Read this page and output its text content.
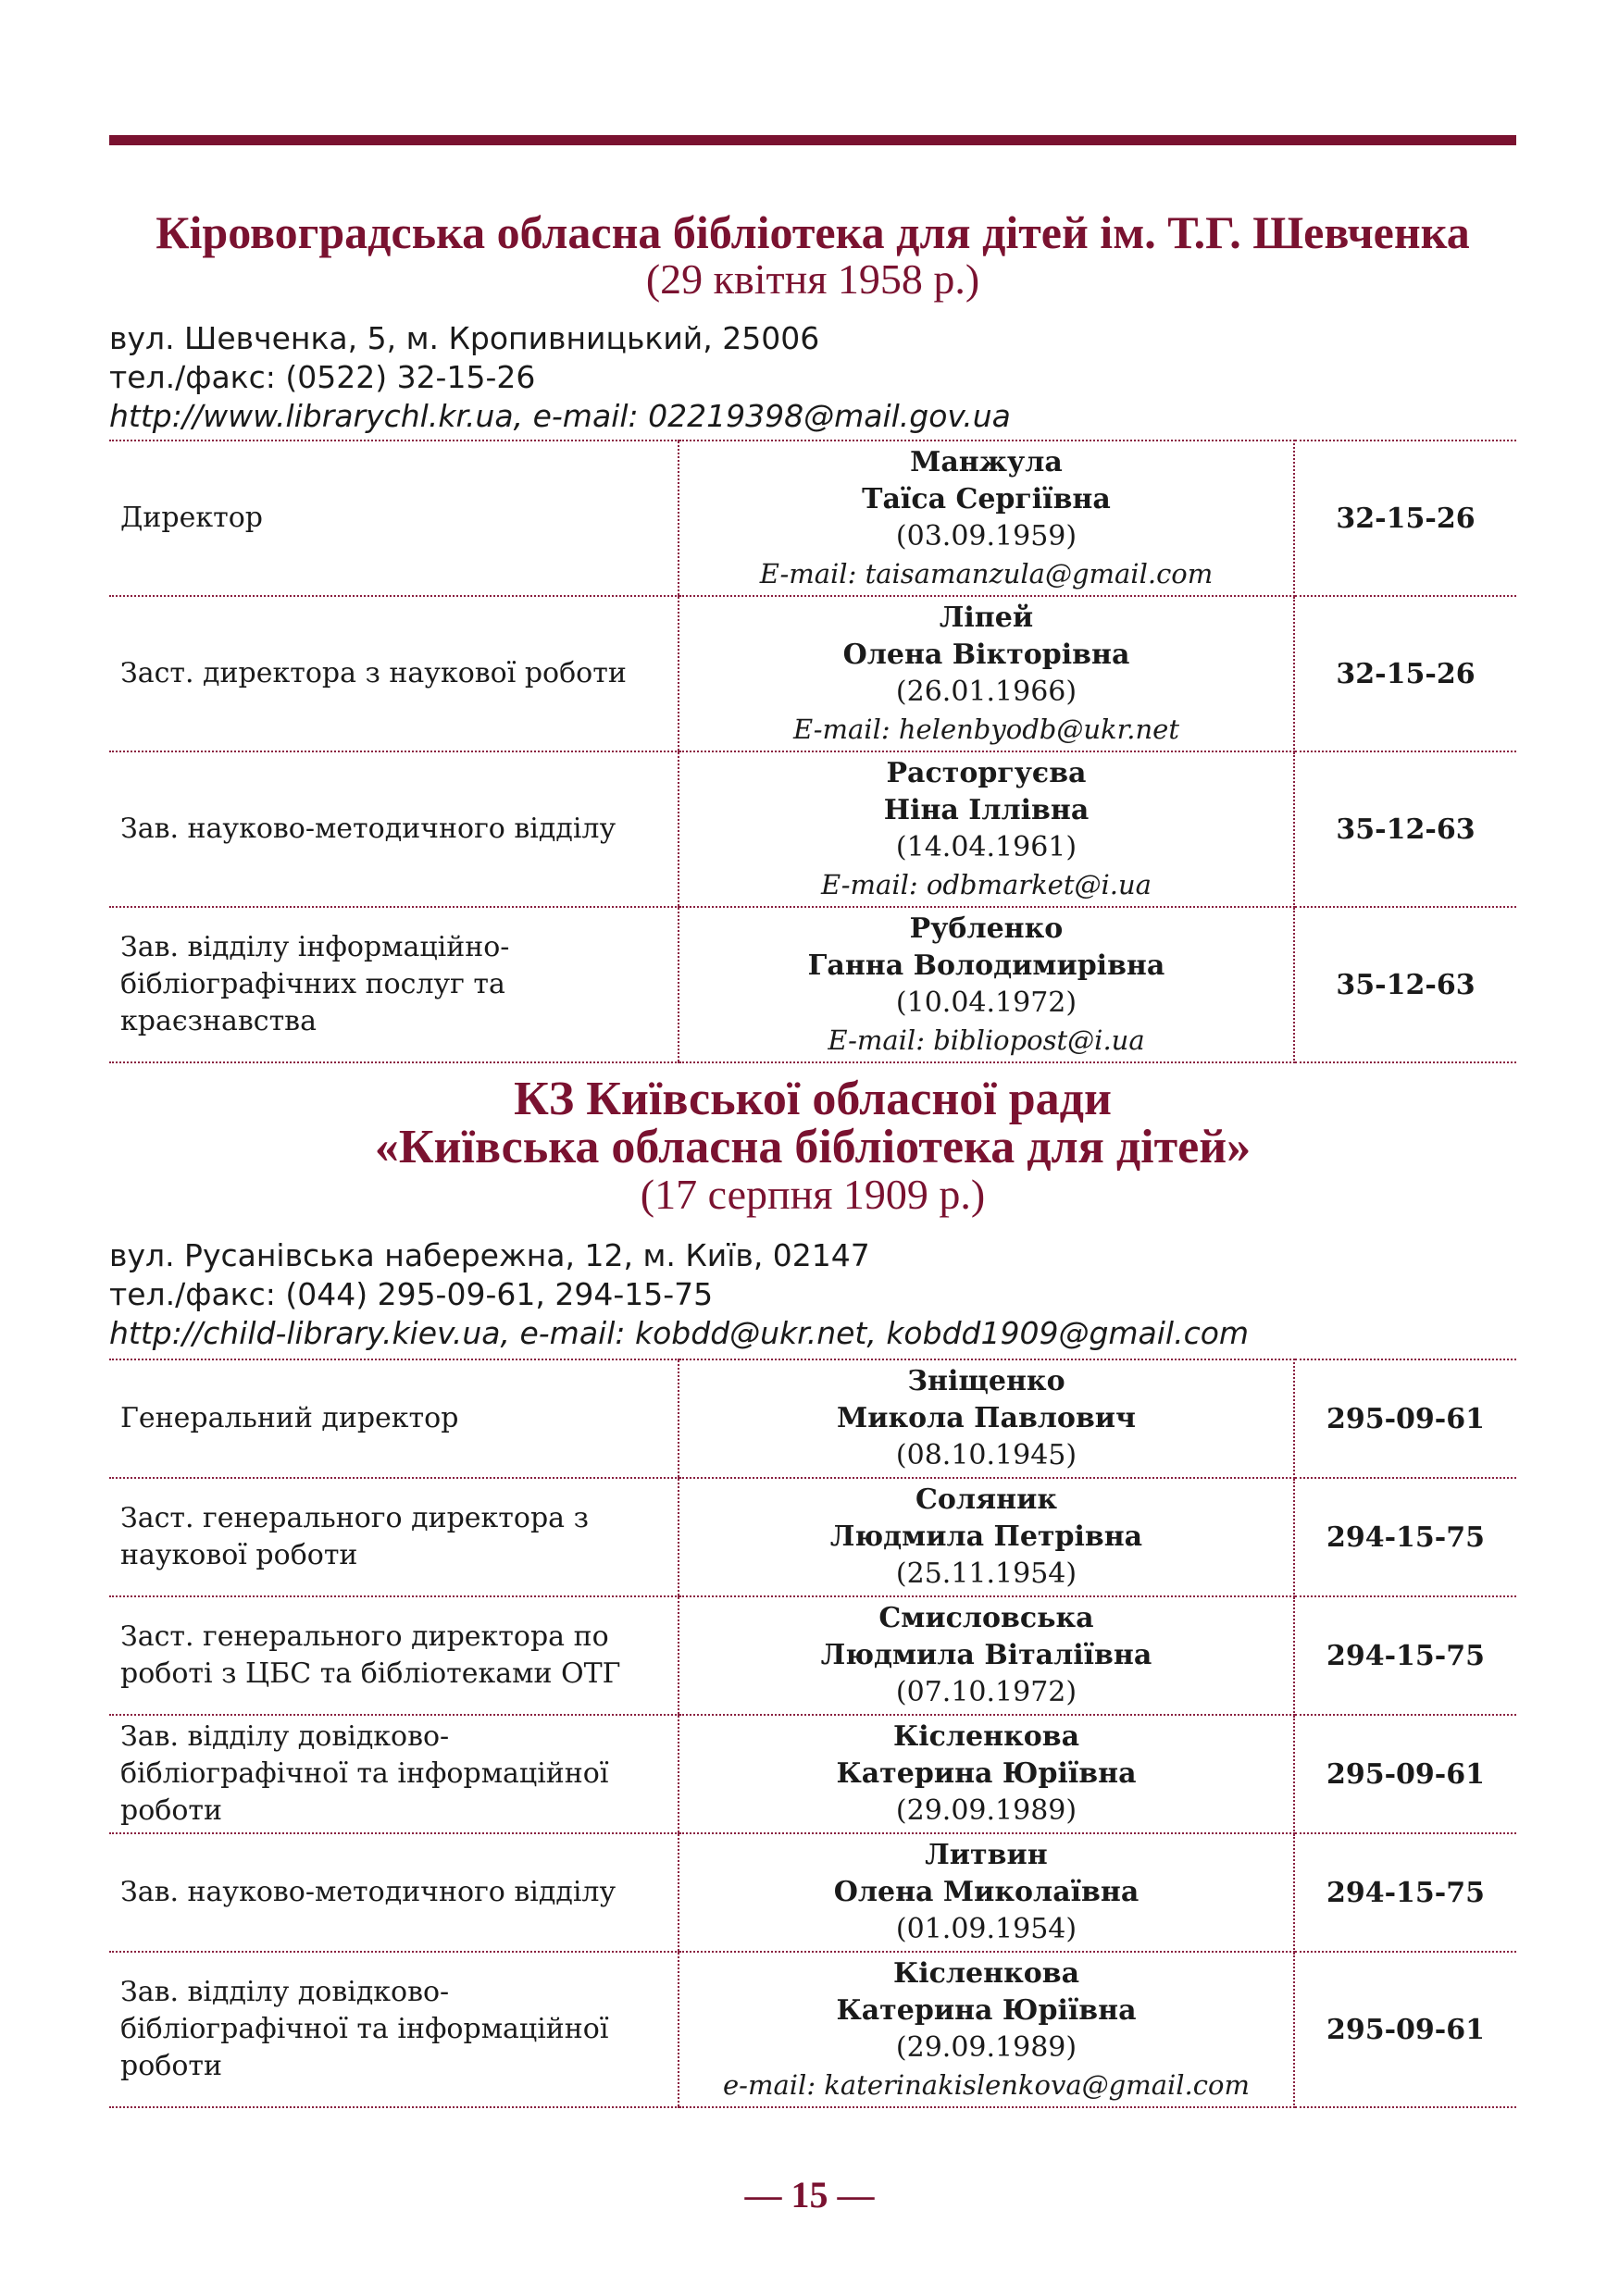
Кіровоградська обласна бібліотека для дітей ім. Т.Г. Шевченка

(29 квітня 1958 р.)

вул. Шевченка, 5, м. Кропивницький, 25006
тел./факс: (0522) 32-15-26
http://www.librarychl.kr.ua, e-mail: 02219398@mail.gov.ua
Директор	Манжула
Таїса Сергіївна
(03.09.1959)
E-mail: taisamanzula@gmail.com	32-15-26
Заст. директора з наукової роботи	Ліпей
Олена Вікторівна
(26.01.1966)
E-mail: helenbyodb@ukr.net	32-15-26
Зав. науково-методичного відділу	Расторгуєва
Ніна Іллівна
(14.04.1961)
E-mail: odbmarket@i.ua	35-12-63
Зав. відділу інформаційно-бібліографічних послуг та краєзнавства	Рубленко
Ганна Володимирівна
(10.04.1972)
E-mail: bibliopost@i.ua	35-12-63

КЗ Київської обласної ради

«Київська обласна бібліотека для дітей»

(17 серпня 1909 р.)

вул. Русанівська набережна, 12, м. Київ, 02147
тел./факс: (044) 295-09-61, 294-15-75
http://child-library.kiev.ua, e-mail: kobdd@ukr.net, kobdd1909@gmail.com
Генеральний директор	Зніщенко
Микола Павлович
(08.10.1945)	295-09-61
Заст. генерального директора з наукової роботи	Соляник
Людмила Петрівна
(25.11.1954)	294-15-75
Заст. генерального директора по роботі з ЦБС та бібліотеками ОТГ	Смисловська
Людмила Віталіївна
(07.10.1972)	294-15-75
Зав. відділу довідково-бібліографічної та інформаційної роботи	Кісленкова
Катерина Юріївна
(29.09.1989)	295-09-61
Зав. науково-методичного відділу	Литвин
Олена Миколаївна
(01.09.1954)	294-15-75
Зав. відділу довідково-бібліографічної та інформаційної роботи	Кісленкова
Катерина Юріївна
(29.09.1989)
e-mail: katerinakislenkova@gmail.com	295-09-61
— 15 —
